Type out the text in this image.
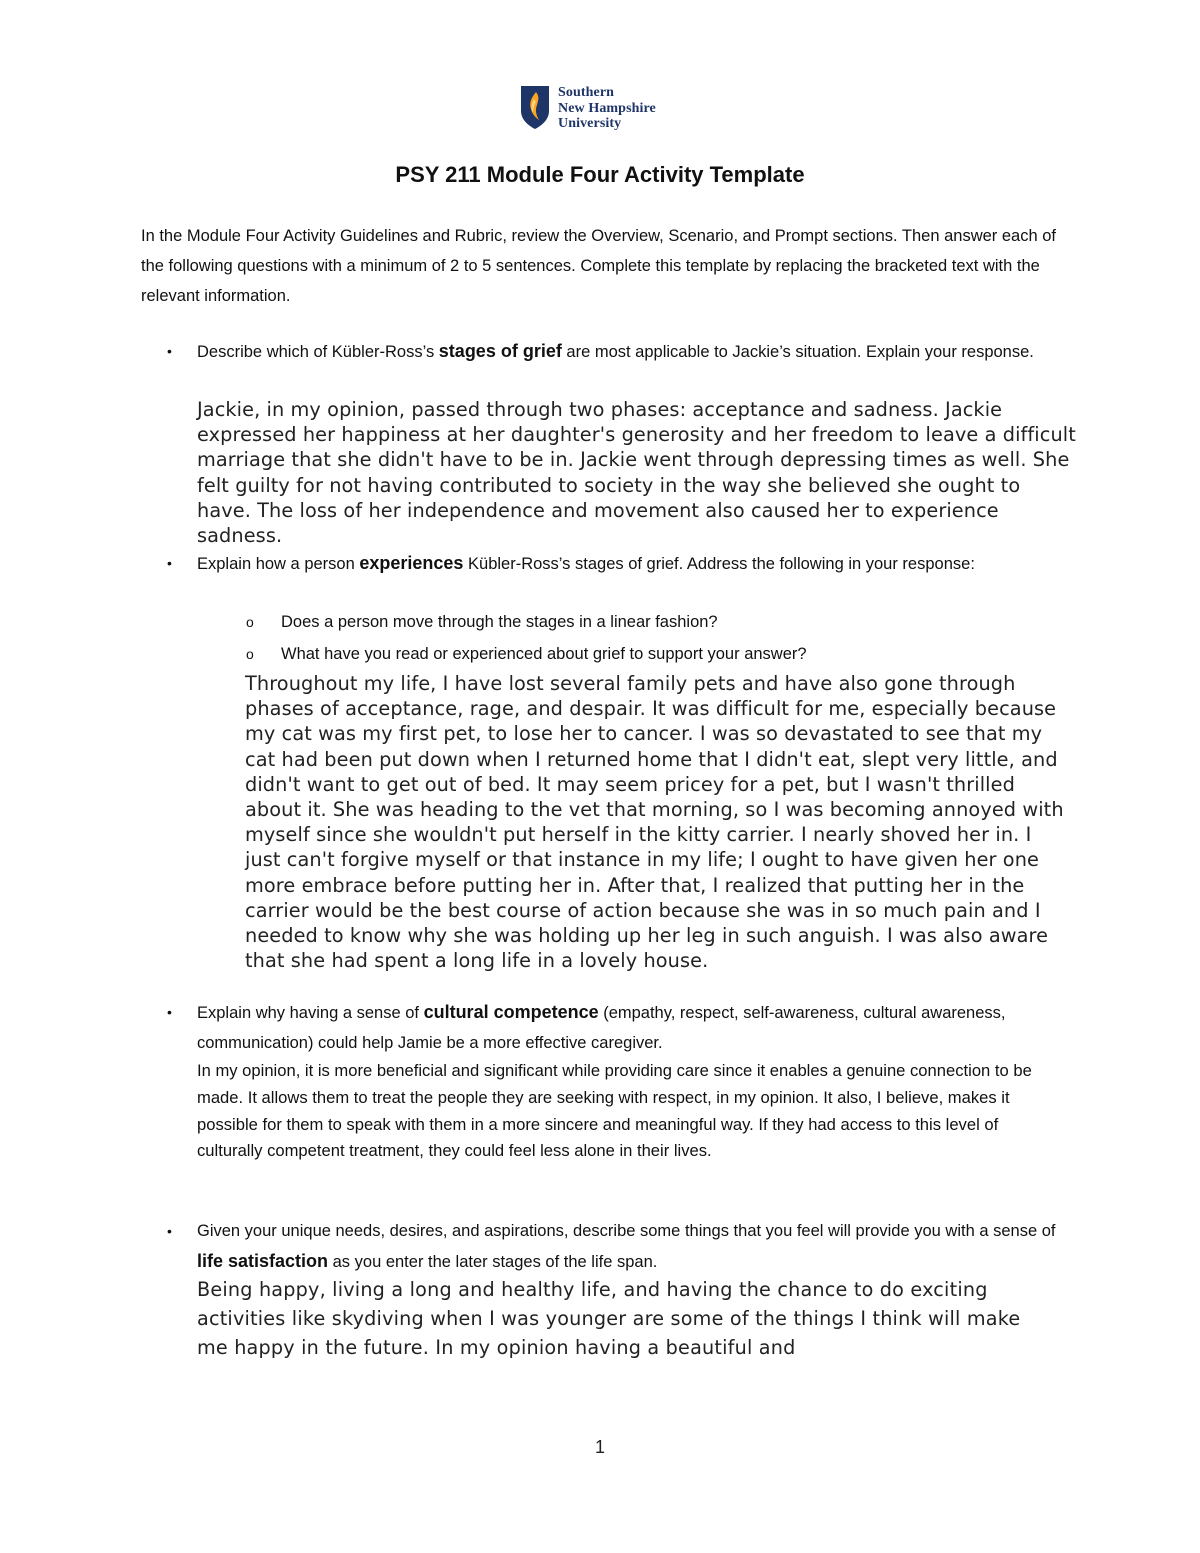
Southern
New Hampshire
University
PSY 211 Module Four Activity Template
In the Module Four Activity Guidelines and Rubric, review the Overview, Scenario, and Prompt sections. Then answer each of the following questions with a minimum of 2 to 5 sentences. Complete this template by replacing the bracketed text with the relevant information.
• Describe which of Kübler-Ross’s stages of grief are most applicable to Jackie’s situation. Explain your response.
Jackie, in my opinion, passed through two phases: acceptance and sadness. Jackie expressed her happiness at her daughter's generosity and her freedom to leave a difficult marriage that she didn't have to be in. Jackie went through depressing times as well. She felt guilty for not having contributed to society in the way she believed she ought to have. The loss of her independence and movement also caused her to experience sadness.
• Explain how a person experiences Kübler-Ross’s stages of grief. Address the following in your response:
o Does a person move through the stages in a linear fashion?
o What have you read or experienced about grief to support your answer?
Throughout my life, I have lost several family pets and have also gone through phases of acceptance, rage, and despair. It was difficult for me, especially because my cat was my first pet, to lose her to cancer. I was so devastated to see that my cat had been put down when I returned home that I didn't eat, slept very little, and didn't want to get out of bed. It may seem pricey for a pet, but I wasn't thrilled about it. She was heading to the vet that morning, so I was becoming annoyed with myself since she wouldn't put herself in the kitty carrier. I nearly shoved her in. I just can't forgive myself or that instance in my life; I ought to have given her one more embrace before putting her in. After that, I realized that putting her in the carrier would be the best course of action because she was in so much pain and I needed to know why she was holding up her leg in such anguish. I was also aware that she had spent a long life in a lovely house.
• Explain why having a sense of cultural competence (empathy, respect, self-awareness, cultural awareness, communication) could help Jamie be a more effective caregiver.
In my opinion, it is more beneficial and significant while providing care since it enables a genuine connection to be made. It allows them to treat the people they are seeking with respect, in my opinion. It also, I believe, makes it possible for them to speak with them in a more sincere and meaningful way. If they had access to this level of culturally competent treatment, they could feel less alone in their lives.
• Given your unique needs, desires, and aspirations, describe some things that you feel will provide you with a sense of life satisfaction as you enter the later stages of the life span.
Being happy, living a long and healthy life, and having the chance to do exciting activities like skydiving when I was younger are some of the things I think will make me happy in the future. In my opinion having a beautiful and
1
